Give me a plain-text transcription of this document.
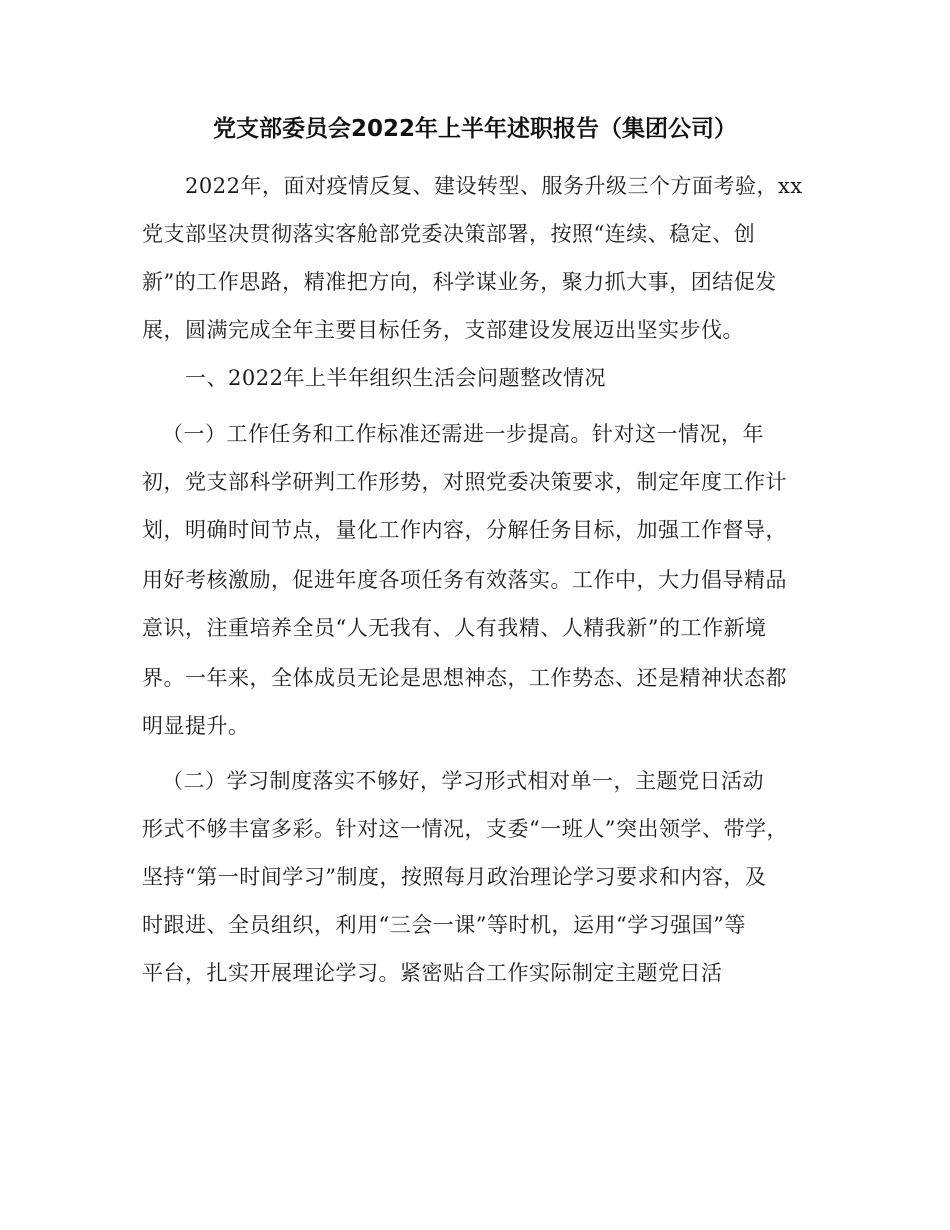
党支部委员会2022年上半年述职报告（集团公司）
2022年，面对疫情反复、建设转型、服务升级三个方面考验，xx
党支部坚决贯彻落实客舱部党委决策部署，按照“连续、稳定、创
新”的工作思路，精准把方向，科学谋业务，聚力抓大事，团结促发
展，圆满完成全年主要目标任务，支部建设发展迈出坚实步伐。
一、2022年上半年组织生活会问题整改情况
（一）工作任务和工作标准还需进一步提高。针对这一情况，年
初，党支部科学研判工作形势，对照党委决策要求，制定年度工作计
划，明确时间节点，量化工作内容，分解任务目标，加强工作督导，
用好考核激励，促进年度各项任务有效落实。工作中，大力倡导精品
意识，注重培养全员“人无我有、人有我精、人精我新”的工作新境
界。一年来，全体成员无论是思想神态，工作势态、还是精神状态都
明显提升。
（二）学习制度落实不够好，学习形式相对单一，主题党日活动
形式不够丰富多彩。针对这一情况，支委“一班人”突出领学、带学，
坚持“第一时间学习”制度，按照每月政治理论学习要求和内容，及
时跟进、全员组织，利用“三会一课”等时机，运用“学习强国”等
平台，扎实开展理论学习。紧密贴合工作实际制定主题党日活
